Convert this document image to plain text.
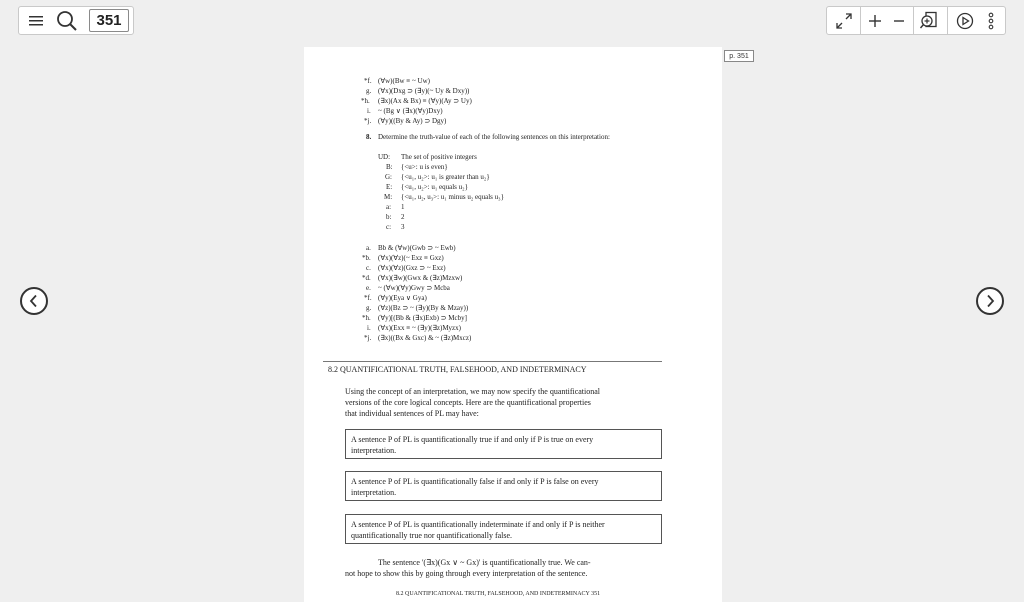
351
p. 351
*f. (∀w)(Bw ≡ ~ Uw)
g. (∀x)(Dxg ⊃ (∃y)(~ Uy & Dxy))
*h. (∃x)(Ax & Bx) ≡ (∀y)(Ay ⊃ Uy)
i. ~ (Bg ∨ (∃x)(∀y)Dxy)
*j. (∀y)((By & Ay) ⊃ Dgy)
8. Determine the truth-value of each of the following sentences on this interpretation:
UD: The set of positive integers
B: {<u>: u is even}
G: {<u₁, u₂>: u₁ is greater than u₂}
E: {<u₁, u₂>: u₁ equals u₂}
M: {<u₁, u₂, u₃>: u₁ minus u₂ equals u₃}
a: 1
b: 2
c: 3
a. Bb & (∀w)(Gwb ⊃ ~ Ewb)
*b. (∀x)(∀z)(~ Exz ≡ Gxz)
c. (∀x)(∀z)(Gxz ⊃ ~ Exz)
*d. (∀x)(∃w)(Gwx & (∃z)Mzxw)
e. ~ (∀w)(∀y)Gwy ⊃ Mcba
*f. (∀y)(Eya ∨ Gya)
g. (∀z)(Bz ⊃ ~ (∃y)(By & Mzay))
*h. (∀y)[(Bb & (∃x)Exb) ⊃ Mcby]
i. (∀x)(Exx ≡ ~ (∃y)(∃z)Myzx)
*j. (∃x)((Bx & Gxc) & ~ (∃z)Mxcz)
8.2 QUANTIFICATIONAL TRUTH, FALSEHOOD, AND INDETERMINACY
Using the concept of an interpretation, we may now specify the quantificational
versions of the core logical concepts. Here are the quantificational properties
that individual sentences of PL may have:
A sentence P of PL is quantificationally true if and only if P is true on every
interpretation.
A sentence P of PL is quantificationally false if and only if P is false on every
interpretation.
A sentence P of PL is quantificationally indeterminate if and only if P is neither
quantificationally true nor quantificationally false.
The sentence '(∃x)(Gx ∨ ~ Gx)' is quantificationally true. We can-
not hope to show this by going through every interpretation of the sentence.
8.2 QUANTIFICATIONAL TRUTH, FALSEHOOD, AND INDETERMINACY 351
